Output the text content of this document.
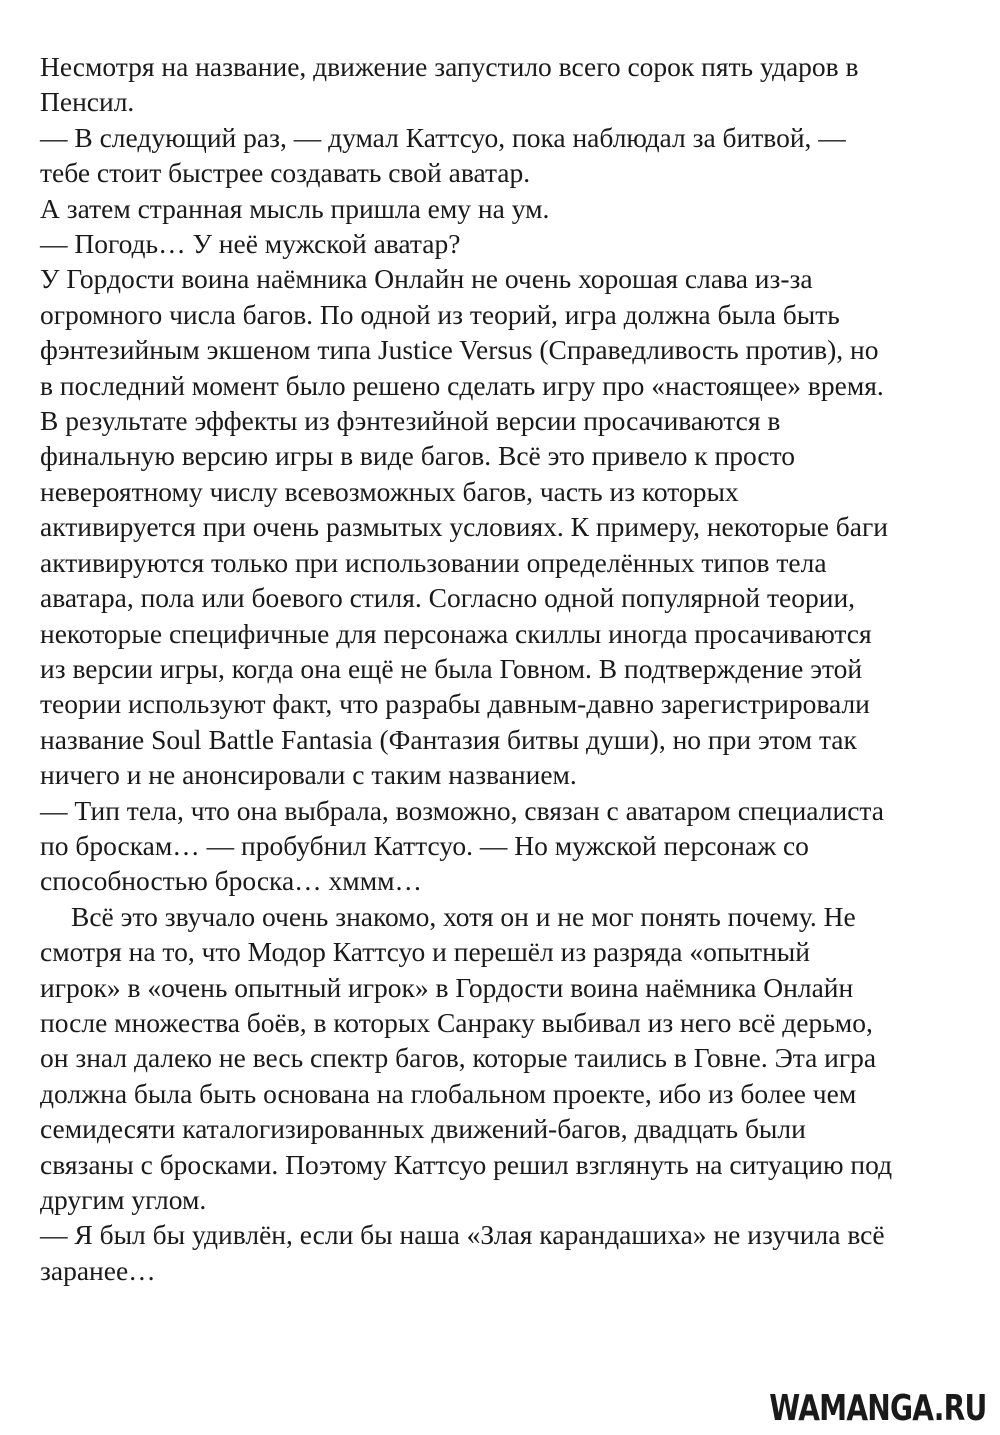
Несмотря на название, движение запустило всего сорок пять ударов в
Пенсил.
— В следующий раз, — думал Каттсуо, пока наблюдал за битвой, —
тебе стоит быстрее создавать свой аватар.
А затем странная мысль пришла ему на ум.
— Погодь… У неё мужской аватар?
У Гордости воина наёмника Онлайн не очень хорошая слава из-за
огромного числа багов. По одной из теорий, игра должна была быть
фэнтезийным экшеном типа Justice Versus (Справедливость против), но
в последний момент было решено сделать игру про «настоящее» время.
В результате эффекты из фэнтезийной версии просачиваются в
финальную версию игры в виде багов. Всё это привело к просто
невероятному числу всевозможных багов, часть из которых
активируется при очень размытых условиях. К примеру, некоторые баги
активируются только при использовании определённых типов тела
аватара, пола или боевого стиля. Согласно одной популярной теории,
некоторые специфичные для персонажа скиллы иногда просачиваются
из версии игры, когда она ещё не была Говном. В подтверждение этой
теории используют факт, что разрабы давным-давно зарегистрировали
название Soul Battle Fantasia (Фантазия битвы души), но при этом так
ничего и не анонсировали с таким названием.
— Тип тела, что она выбрала, возможно, связан с аватаром специалиста
по броскам… — пробубнил Каттсуо. — Но мужской персонаж со
способностью броска… хммм…
Всё это звучало очень знакомо, хотя он и не мог понять почему. Не
смотря на то, что Модор Каттсуо и перешёл из разряда «опытный
игрок» в «очень опытный игрок» в Гордости воина наёмника Онлайн
после множества боёв, в которых Санраку выбивал из него всё дерьмо,
он знал далеко не весь спектр багов, которые таились в Говне. Эта игра
должна была быть основана на глобальном проекте, ибо из более чем
семидесяти каталогизированных движений-багов, двадцать были
связаны с бросками. Поэтому Каттсуо решил взглянуть на ситуацию под
другим углом.
— Я был бы удивлён, если бы наша «Злая карандашиха» не изучила всё
заранее…
WAMANGA.RU
